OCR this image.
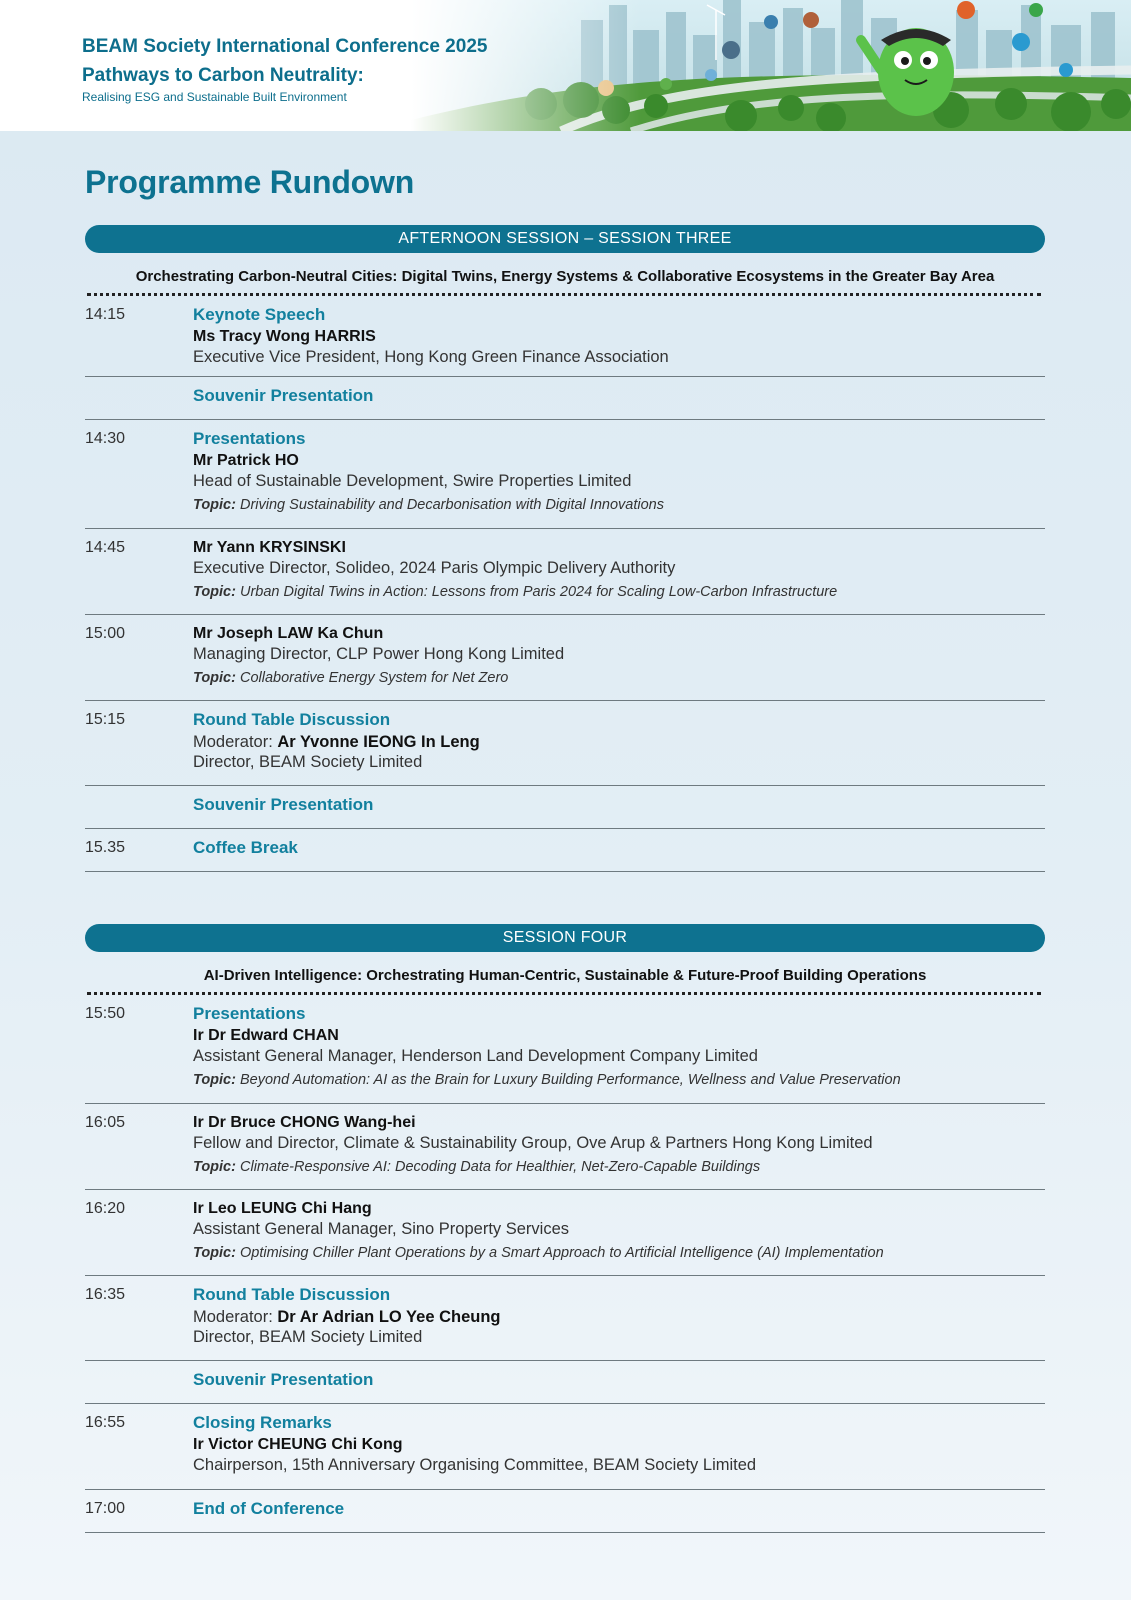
BEAM Society International Conference 2025
Pathways to Carbon Neutrality:
Realising ESG and Sustainable Built Environment
Programme Rundown
AFTERNOON SESSION – SESSION THREE
Orchestrating Carbon-Neutral Cities: Digital Twins, Energy Systems & Collaborative Ecosystems in the Greater Bay Area
14:15	Keynote Speech
Ms Tracy Wong HARRIS
Executive Vice President, Hong Kong Green Finance Association
Souvenir Presentation
14:30	Presentations
Mr Patrick HO
Head of Sustainable Development, Swire Properties Limited
Topic: Driving Sustainability and Decarbonisation with Digital Innovations
14:45	Mr Yann KRYSINSKI
Executive Director, Solideo, 2024 Paris Olympic Delivery Authority
Topic: Urban Digital Twins in Action: Lessons from Paris 2024 for Scaling Low-Carbon Infrastructure
15:00	Mr Joseph LAW Ka Chun
Managing Director, CLP Power Hong Kong Limited
Topic: Collaborative Energy System for Net Zero
15:15	Round Table Discussion
Moderator: Ar Yvonne IEONG In Leng
Director, BEAM Society Limited
Souvenir Presentation
15.35	Coffee Break
SESSION FOUR
AI-Driven Intelligence: Orchestrating Human-Centric, Sustainable & Future-Proof Building Operations
15:50	Presentations
Ir Dr Edward CHAN
Assistant General Manager, Henderson Land Development Company Limited
Topic: Beyond Automation: AI as the Brain for Luxury Building Performance, Wellness and Value Preservation
16:05	Ir Dr Bruce CHONG Wang-hei
Fellow and Director, Climate & Sustainability Group, Ove Arup & Partners Hong Kong Limited
Topic: Climate-Responsive AI: Decoding Data for Healthier, Net-Zero-Capable Buildings
16:20	Ir Leo LEUNG Chi Hang
Assistant General Manager, Sino Property Services
Topic: Optimising Chiller Plant Operations by a Smart Approach to Artificial Intelligence (AI) Implementation
16:35	Round Table Discussion
Moderator: Dr Ar Adrian LO Yee Cheung
Director, BEAM Society Limited
Souvenir Presentation
16:55	Closing Remarks
Ir Victor CHEUNG Chi Kong
Chairperson, 15th Anniversary Organising Committee, BEAM Society Limited
17:00	End of Conference
